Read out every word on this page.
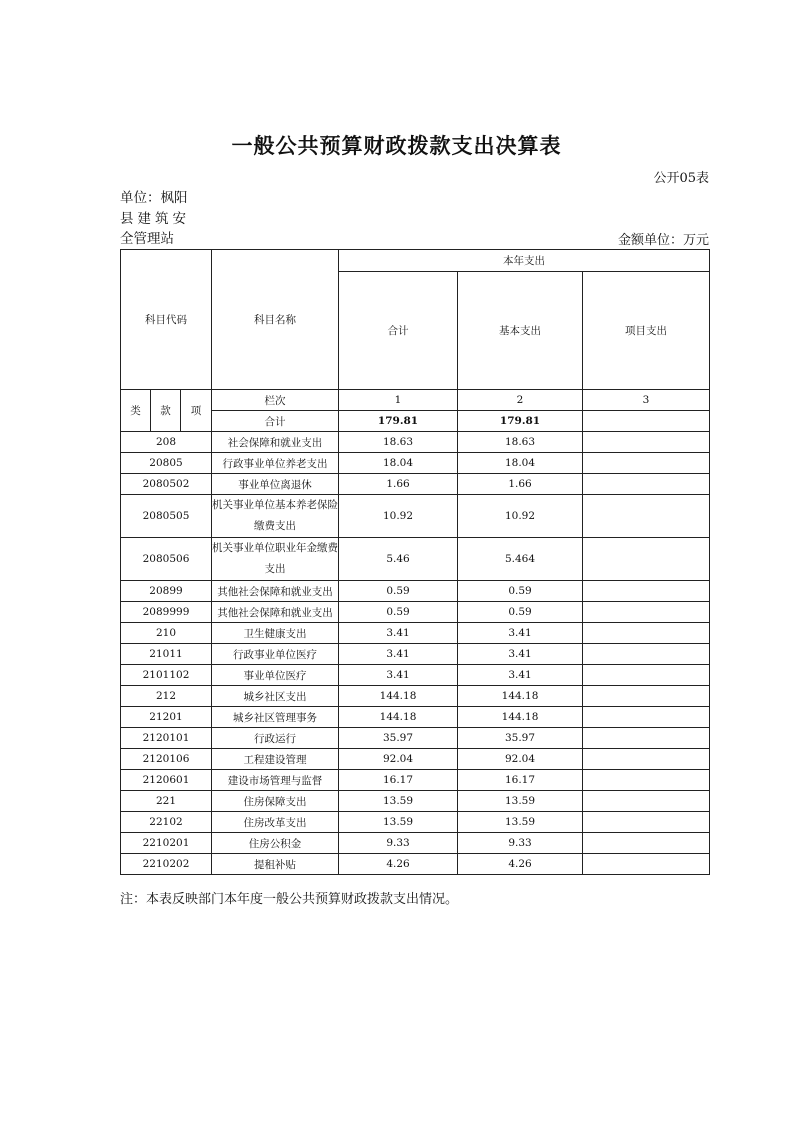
一般公共预算财政拨款支出决算表
公开05表
单位：枫阳
县建筑安
全管理站	金额单位：万元
科目代码			科目名称	本年支出		
				合计	基本支出	项目支出
类	款	项	栏次	1	2	3
			合计	179.81	179.81	
208			社会保障和就业支出	18.63	18.63	
20805			行政事业单位养老支出	18.04	18.04	
2080502			事业单位离退休	1.66	1.66	
2080505			机关事业单位基本养老保险缴费支出	10.92	10.92	
2080506			机关事业单位职业年金缴费支出	5.46	5.464	
20899			其他社会保障和就业支出	0.59	0.59	
2089999			其他社会保障和就业支出	0.59	0.59	
210			卫生健康支出	3.41	3.41	
21011			行政事业单位医疗	3.41	3.41	
2101102			事业单位医疗	3.41	3.41	
212			城乡社区支出	144.18	144.18	
21201			城乡社区管理事务	144.18	144.18	
2120101			行政运行	35.97	35.97	
2120106			工程建设管理	92.04	92.04	
2120601			建设市场管理与监督	16.17	16.17	
221			住房保障支出	13.59	13.59	
22102			住房改革支出	13.59	13.59	
2210201			住房公积金	9.33	9.33	
2210202			提租补贴	4.26	4.26	
注：本表反映部门本年度一般公共预算财政拨款支出情况。
